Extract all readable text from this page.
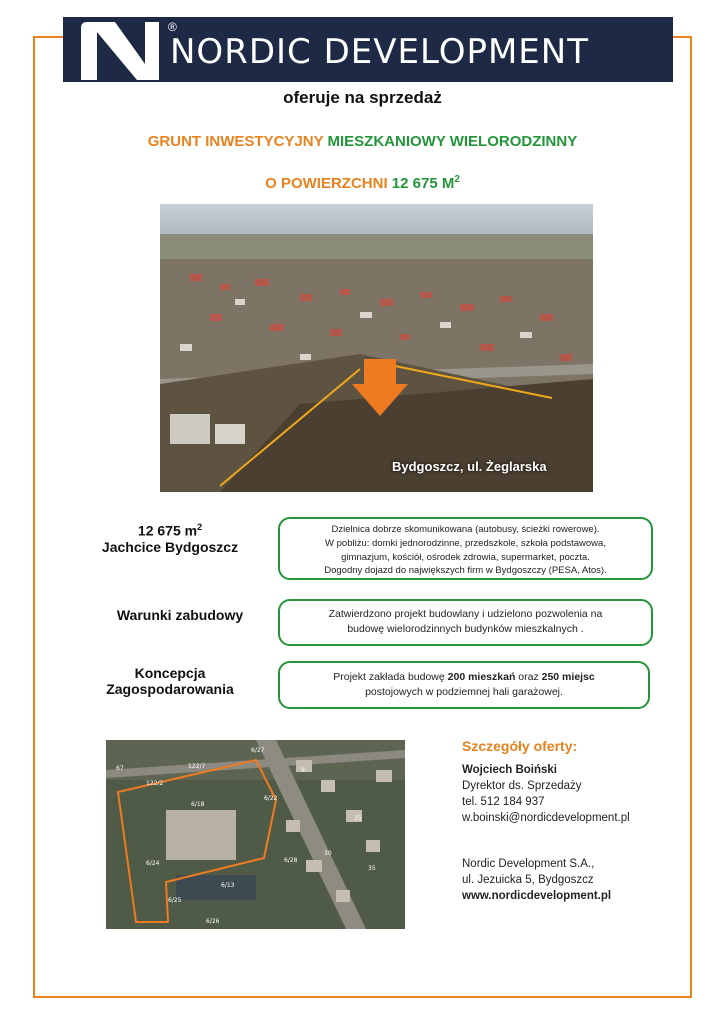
®
NORDIC DEVELOPMENT
oferuje na sprzedaż
GRUNT INWESTYCYJNY MIESZKANIOWY WIELORODZINNY
O POWIERZCHNI 12 675 $M^2$
Bydgoszcz, ul. Żeglarska
12 675 $m^2$
Jachcice Bydgoszcz
Dzielnica dobrze skomunikowana (autobusy, ścieżki rowerowe).
W pobliżu: domki jednorodzinne, przedszkole, szkoła podstawowa,
gimnazjum, kościół, ośrodek zdrowia, supermarket, poczta.
Dogodny dojazd do największych firm w Bydgoszczy (PESA, Atos).
Warunki zabudowy	Zatwierdzono projekt budowlany i udzielono pozwolenia na
budowę wielorodzinnych budynków mieszkalnych .
Koncepcja
Zagospodarowania
Projekt zakłada budowę 200 mieszkań oraz 250 miejsc
postojowych w podziemnej hali garażowej.
67	122/7
122/2
6/22
6/18
6/24
6/25
6/26
6/27
6/28
9
25
30
35
6/13
Szczegóły oferty:
Wojciech Boiński
Dyrektor ds. Sprzedaży
tel. 512 184 937
w.boinski@nordicdevelopment.pl
Nordic Development S.A.,
ul. Jezuicka 5, Bydgoszcz
www.nordicdevelopment.pl
